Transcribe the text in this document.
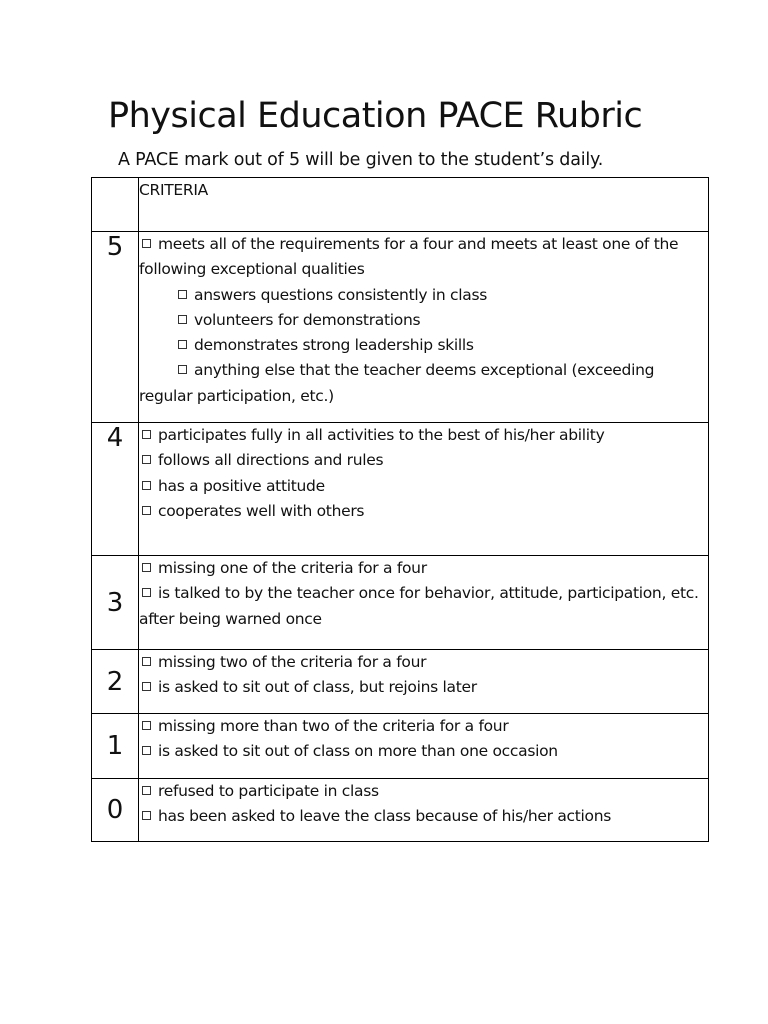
Physical Education PACE Rubric

A PACE mark out of 5 will be given to the student’s daily.

	CRITERIA
5	meets all of the requirements for a four and meets at least one of the following exceptional qualities
answers questions consistently in class
volunteers for demonstrations
demonstrates strong leadership skills
anything else that the teacher deems exceptional (exceeding regular participation, etc.)

4	participates fully in all activities to the best of his/her ability
follows all directions and rules
has a positive attitude
cooperates well with others

3	missing one of the criteria for a four
is talked to by the teacher once for behavior, attitude, participation, etc. after being warned once

2	missing two of the criteria for a four
is asked to sit out of class, but rejoins later

1	missing more than two of the criteria for a four
is asked to sit out of class on more than one occasion

0	refused to participate in class
has been asked to leave the class because of his/her actions
